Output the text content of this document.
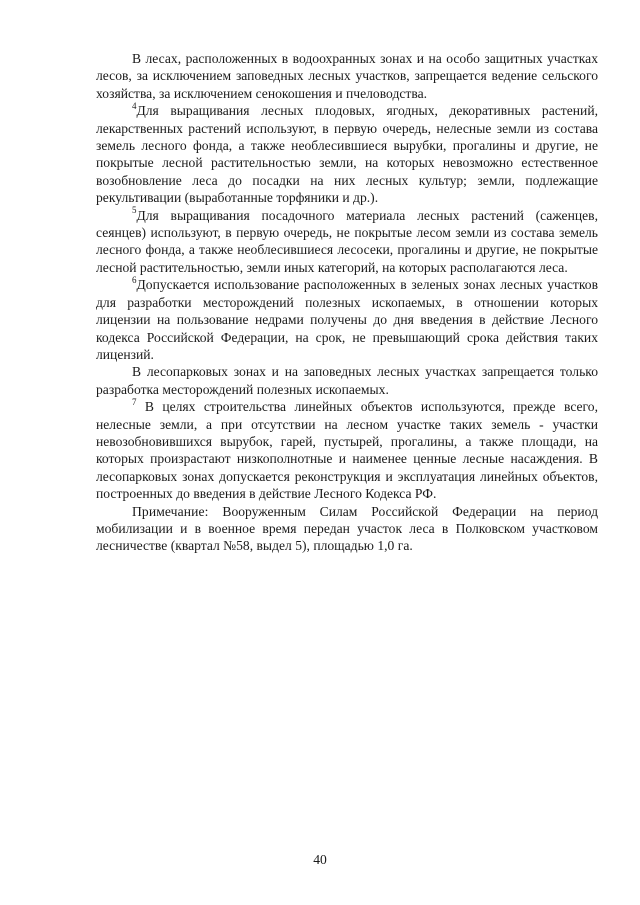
В лесах, расположенных в водоохранных зонах и на особо защитных участках лесов, за исключением заповедных лесных участков, запрещается ведение сельского хозяйства, за исключением сенокошения и пчеловодства.

$^4$Для выращивания лесных плодовых, ягодных, декоративных растений, лекарственных растений используют, в первую очередь, нелесные земли из состава земель лесного фонда, а также необлесившиеся вырубки, прогалины и другие, не покрытые лесной растительностью земли, на которых невозможно естественное возобновление леса до посадки на них лесных культур; земли, подлежащие рекультивации (выработанные торфяники и др.).

$^5$Для выращивания посадочного материала лесных растений (саженцев, сеянцев) используют, в первую очередь, не покрытые лесом земли из состава земель лесного фонда, а также необлесившиеся лесосеки, прогалины и другие, не покрытые лесной растительностью, земли иных категорий, на которых располагаются леса.

$^6$Допускается использование расположенных в зеленых зонах лесных участков для разработки месторождений полезных ископаемых, в отношении которых лицензии на пользование недрами получены до дня введения в действие Лесного кодекса Российской Федерации, на срок, не превышающий срока действия таких лицензий.

В лесопарковых зонах и на заповедных лесных участках запрещается только разработка месторождений полезных ископаемых.

$^7$ В целях строительства линейных объектов используются, прежде всего, нелесные земли, а при отсутствии на лесном участке таких земель - участки невозобновившихся вырубок, гарей, пустырей, прогалины, а также площади, на которых произрастают низкополнотные и наименее ценные лесные насаждения. В лесопарковых зонах допускается реконструкция и эксплуатация линейных объектов, построенных до введения в действие Лесного Кодекса РФ.

Примечание: Вооруженным Силам Российской Федерации на период мобилизации и в военное время передан участок леса в Полковском участковом лесничестве (квартал №58, выдел 5), площадью 1,0 га.

40
